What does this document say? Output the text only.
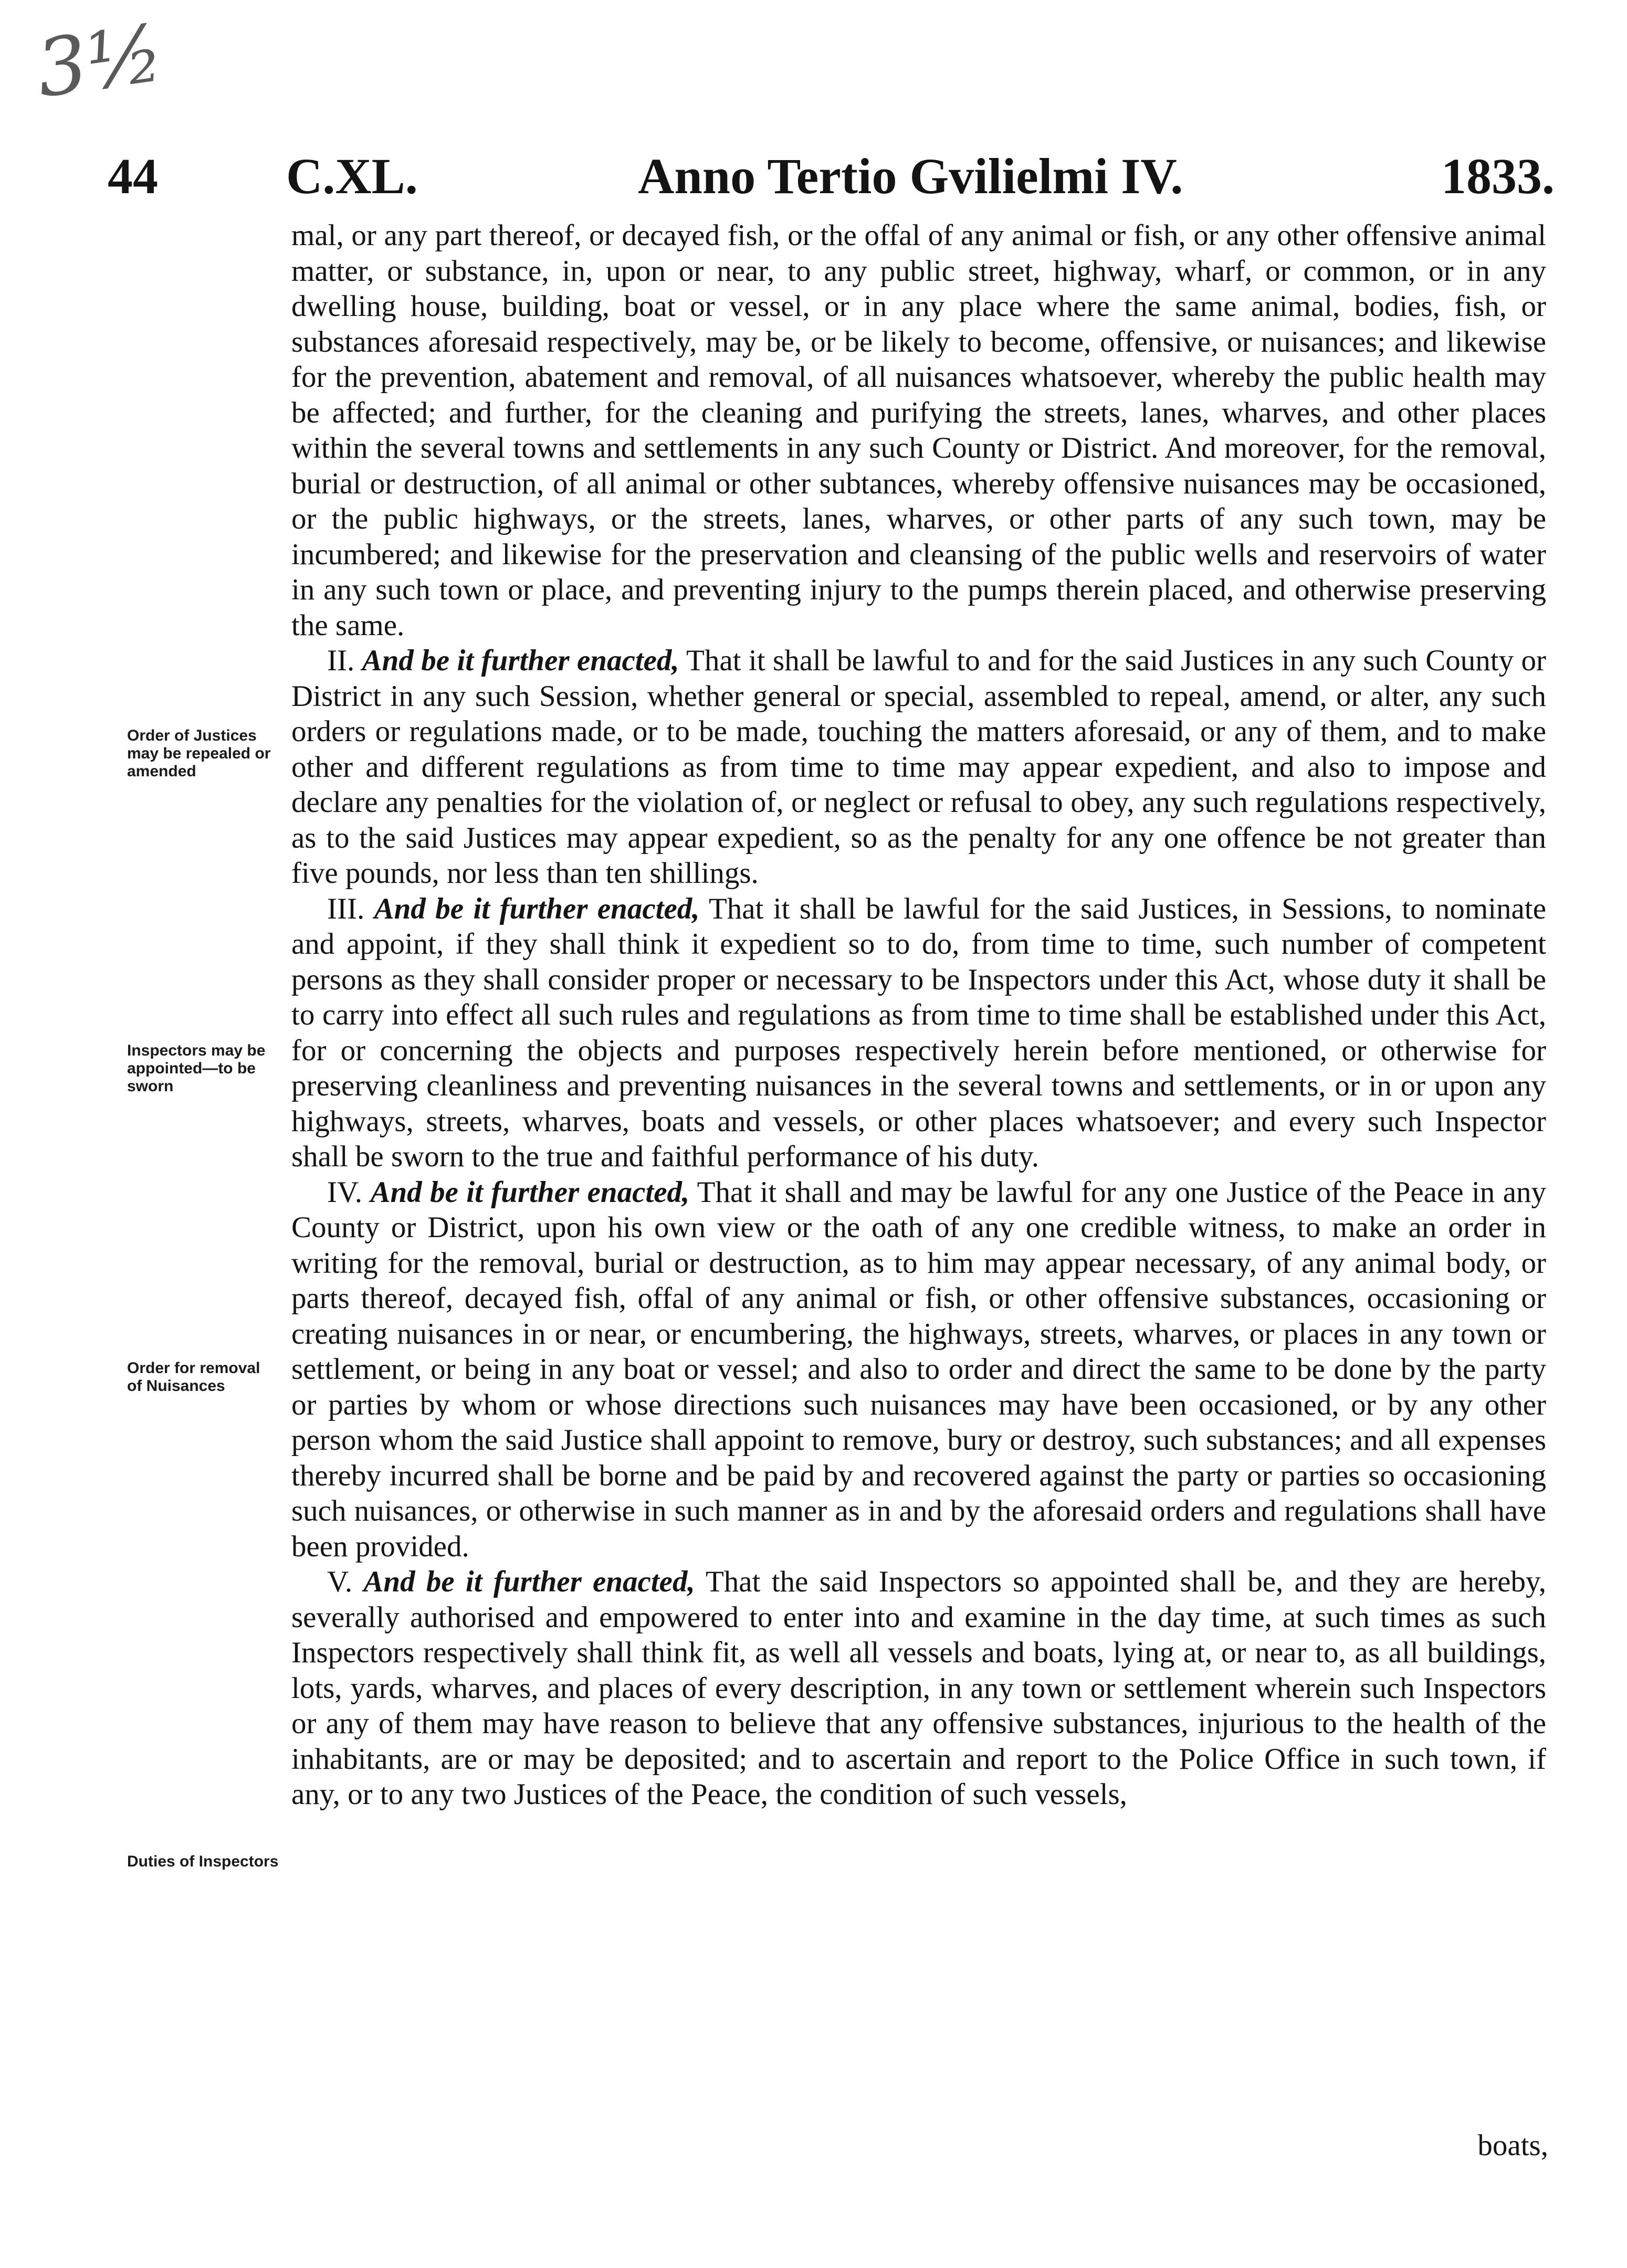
3½
44	C.XL.	Anno Tertio Gvilielmi IV.	1833.
Order of Justices may be repealed or amended
Inspectors may be appointed—to be sworn
Order for removal of Nuisances
Duties of Inspectors

mal, or any part thereof, or decayed fish, or the offal of any animal or fish, or any other offensive animal matter, or substance, in, upon or near, to any public street, highway, wharf, or common, or in any dwelling house, building, boat or vessel, or in any place where the same animal, bodies, fish, or substances aforesaid respectively, may be, or be likely to become, offensive, or nuisances; and likewise for the prevention, abatement and removal, of all nuisances whatsoever, whereby the public health may be affected; and further, for the cleaning and purifying the streets, lanes, wharves, and other places within the several towns and settlements in any such County or District. And moreover, for the removal, burial or destruction, of all animal or other subtances, whereby offensive nuisances may be occasioned, or the public highways, or the streets, lanes, wharves, or other parts of any such town, may be incumbered; and likewise for the preservation and cleansing of the public wells and reservoirs of water in any such town or place, and preventing injury to the pumps therein placed, and otherwise preserving the same.

II. And be it further enacted, That it shall be lawful to and for the said Justices in any such County or District in any such Session, whether general or special, assembled to repeal, amend, or alter, any such orders or regulations made, or to be made, touching the matters aforesaid, or any of them, and to make other and different regulations as from time to time may appear expedient, and also to impose and declare any penalties for the violation of, or neglect or refusal to obey, any such regulations respectively, as to the said Justices may appear expedient, so as the penalty for any one offence be not greater than five pounds, nor less than ten shillings.

III. And be it further enacted, That it shall be lawful for the said Justices, in Sessions, to nominate and appoint, if they shall think it expedient so to do, from time to time, such number of competent persons as they shall consider proper or necessary to be Inspectors under this Act, whose duty it shall be to carry into effect all such rules and regulations as from time to time shall be established under this Act, for or concerning the objects and purposes respectively herein before mentioned, or otherwise for preserving cleanliness and preventing nuisances in the several towns and settlements, or in or upon any highways, streets, wharves, boats and vessels, or other places whatsoever; and every such Inspector shall be sworn to the true and faithful performance of his duty.

IV. And be it further enacted, That it shall and may be lawful for any one Justice of the Peace in any County or District, upon his own view or the oath of any one credible witness, to make an order in writing for the removal, burial or destruction, as to him may appear necessary, of any animal body, or parts thereof, decayed fish, offal of any animal or fish, or other offensive substances, occasioning or creating nuisances in or near, or encumbering, the highways, streets, wharves, or places in any town or settlement, or being in any boat or vessel; and also to order and direct the same to be done by the party or parties by whom or whose directions such nuisances may have been occasioned, or by any other person whom the said Justice shall appoint to remove, bury or destroy, such substances; and all expenses thereby incurred shall be borne and be paid by and recovered against the party or parties so occasioning such nuisances, or otherwise in such manner as in and by the aforesaid orders and regulations shall have been provided.

V. And be it further enacted, That the said Inspectors so appointed shall be, and they are hereby, severally authorised and empowered to enter into and examine in the day time, at such times as such Inspectors respectively shall think fit, as well all vessels and boats, lying at, or near to, as all buildings, lots, yards, wharves, and places of every description, in any town or settlement wherein such Inspectors or any of them may have reason to believe that any offensive substances, injurious to the health of the inhabitants, are or may be deposited; and to ascertain and report to the Police Office in such town, if any, or to any two Justices of the Peace, the condition of such vessels,

boats,
